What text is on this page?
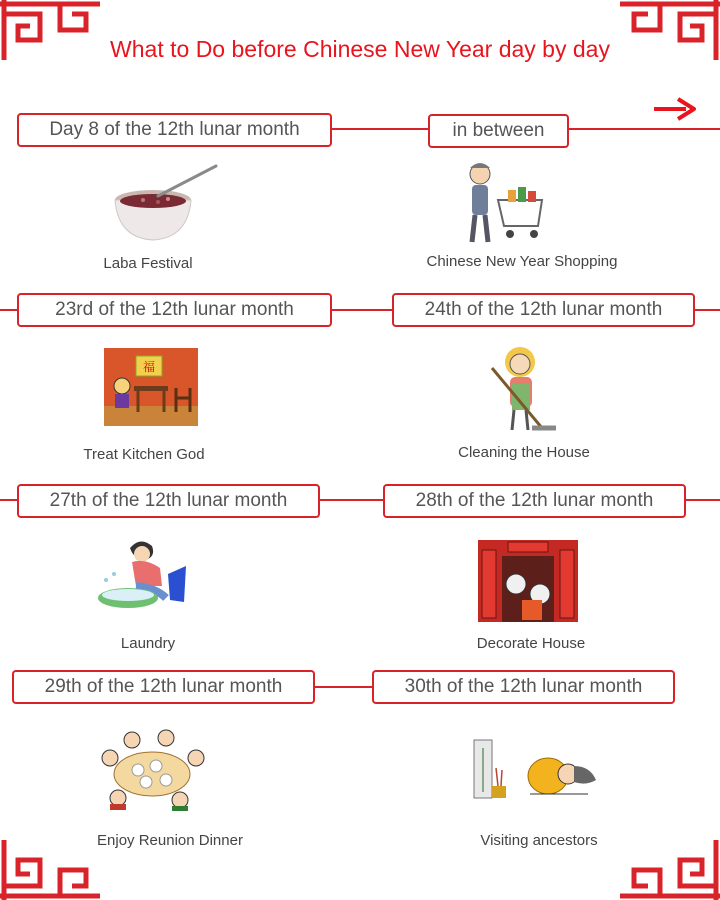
What to Do before Chinese New Year day by day
Day 8 of the 12th lunar month	in between
Laba Festival	Chinese New Year Shopping
23rd of the 12th lunar month	24th of the 12th lunar month
福
Treat Kitchen God	Cleaning the House
27th of the 12th lunar month	28th of the 12th lunar month
Laundry	Decorate House
29th of the 12th lunar month	30th of the 12th lunar month
Enjoy Reunion Dinner	Visiting ancestors
